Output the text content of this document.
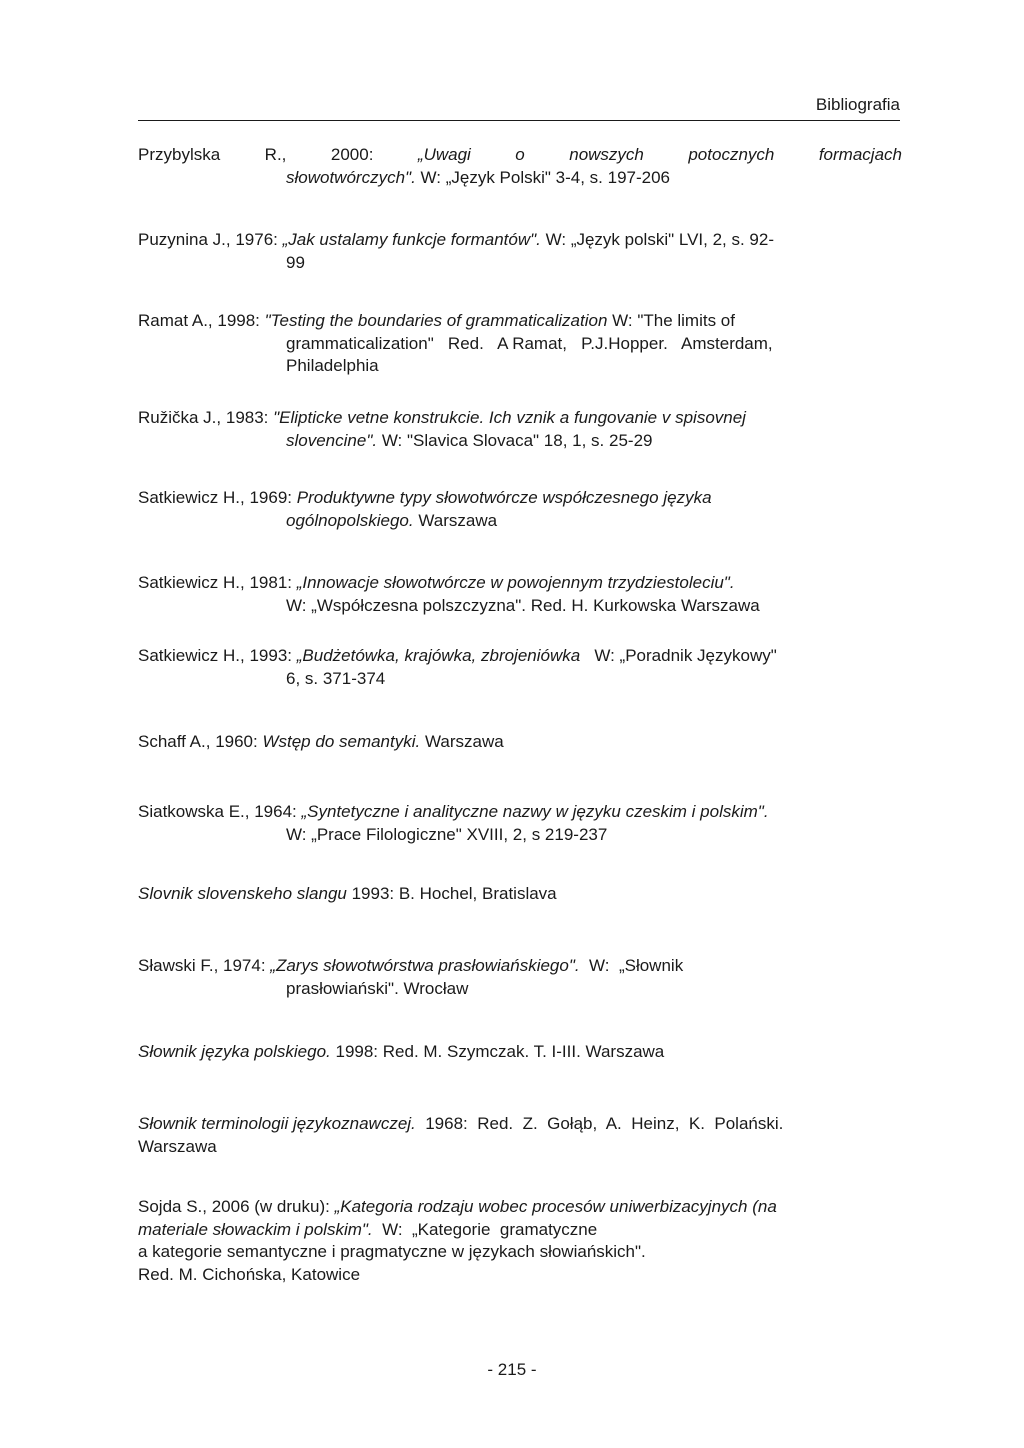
Bibliografia
Przybylska	R.,	2000:	„Uwagi o nowszych potocznych formacjach
słowotwórczych". W: „Język Polski" 3-4, s. 197-206
Puzynina J., 1976: „Jak ustalamy funkcje formantów". W: „Język polski" LVI, 2, s. 92-
99
Ramat A., 1998: "Testing the boundaries of grammaticalization W: "The limits of
grammaticalization"   Red.   A Ramat,   P.J.Hopper.   Amsterdam,
Philadelphia
Ružička J., 1983: "Elipticke vetne konstrukcie. Ich vznik a fungovanie v spisovnej
slovencine". W: "Slavica Slovaca" 18, 1, s. 25-29
Satkiewicz H., 1969: Produktywne typy słowotwórcze współczesnego języka
ogólnopolskiego. Warszawa
Satkiewicz H., 1981: „Innowacje słowotwórcze w powojennym trzydziestoleciu".
W: „Współczesna polszczyzna". Red. H. Kurkowska Warszawa
Satkiewicz H., 1993: „Budżetówka, krajówka, zbrojeniówka   W: „Poradnik Językowy"
6, s. 371-374
Schaff A., 1960: Wstęp do semantyki. Warszawa
Siatkowska E., 1964: „Syntetyczne i analityczne nazwy w języku czeskim i polskim".
W: „Prace Filologiczne" XVIII, 2, s 219-237
Slovnik slovenskeho slangu 1993: B. Hochel, Bratislava
Sławski F., 1974: „Zarys słowotwórstwa prasłowiańskiego".  W:  „Słownik
prasłowiański". Wrocław
Słownik języka polskiego. 1998: Red. M. Szymczak. T. I-III. Warszawa
Słownik terminologii językoznawczej.  1968:  Red.  Z.  Gołąb,  A.  Heinz,  K.  Polański.
Warszawa
Sojda S., 2006 (w druku): „Kategoria rodzaju wobec procesów uniwerbizacyjnych (na
materiale słowackim i polskim".  W:  „Kategorie  gramatyczne
a kategorie semantyczne i pragmatyczne w językach słowiańskich".
Red. M. Cichońska, Katowice
- 215 -
